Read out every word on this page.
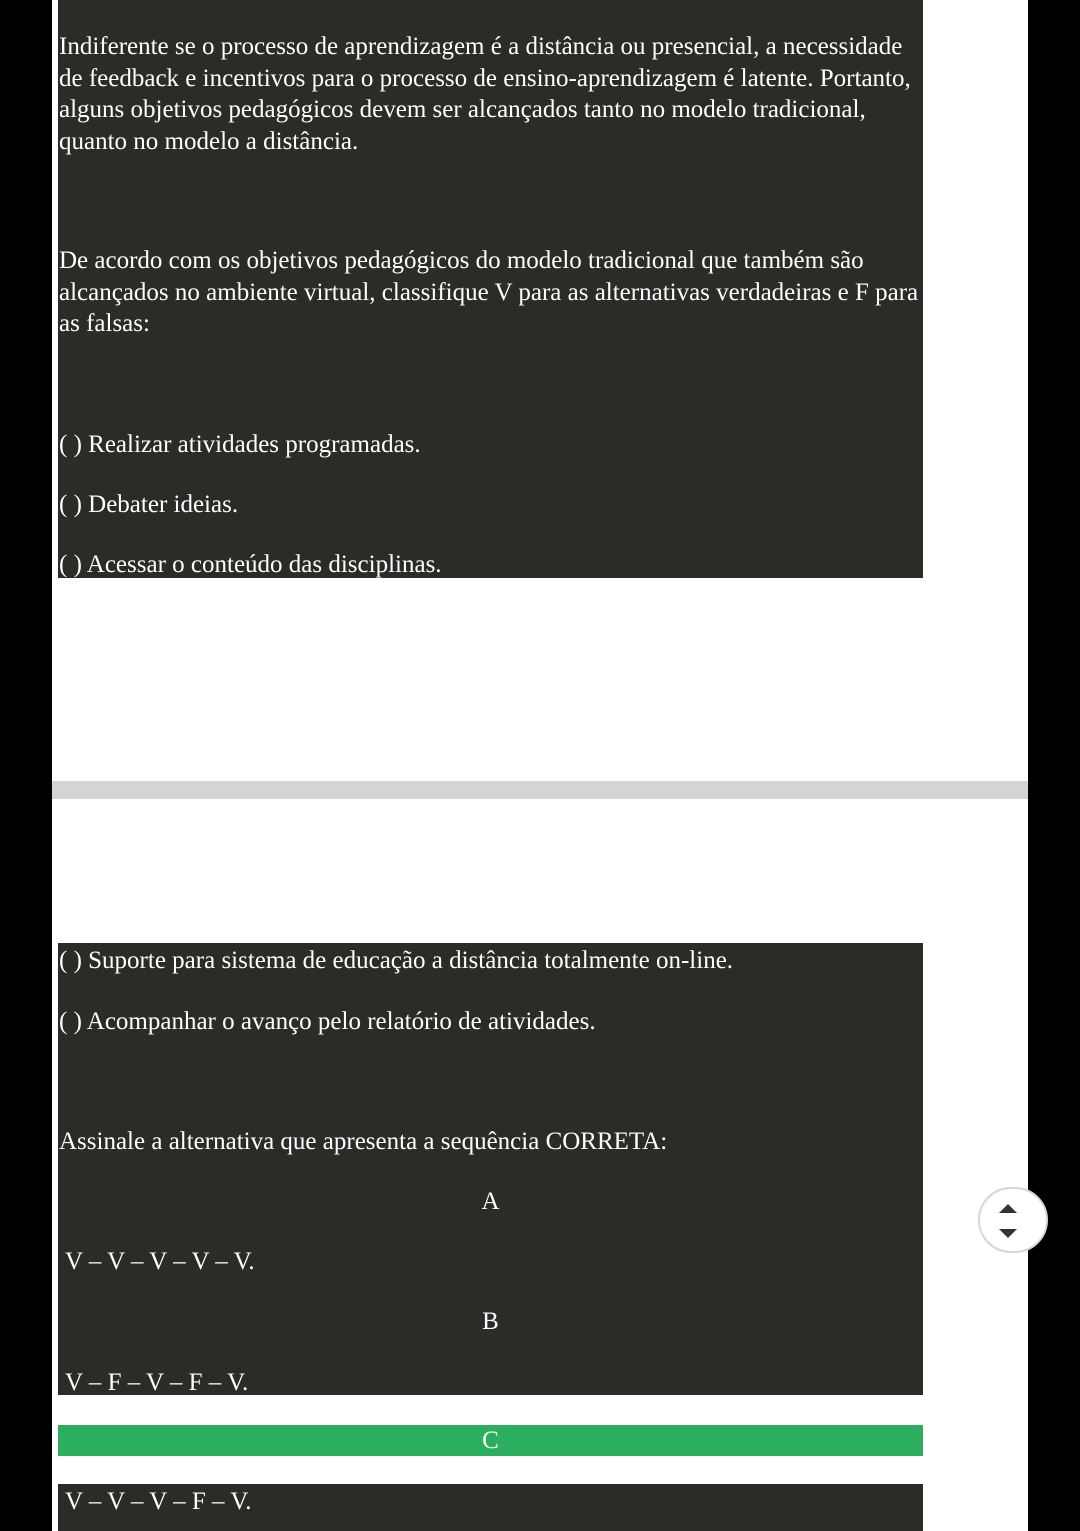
Indiferente se o processo de aprendizagem é a distância ou presencial, a necessidade de feedback e incentivos para o processo de ensino-aprendizagem é latente. Portanto, alguns objetivos pedagógicos devem ser alcançados tanto no modelo tradicional, quanto no modelo a distância.

De acordo com os objetivos pedagógicos do modelo tradicional que também são alcançados no ambiente virtual, classifique V para as alternativas verdadeiras e F para as falsas:

( ) Realizar atividades programadas.
( ) Debater ideias.
( ) Acessar o conteúdo das disciplinas.
( ) Suporte para sistema de educação a distância totalmente on-line.
( ) Acompanhar o avanço pelo relatório de atividades.
Assinale a alternativa que apresenta a sequência CORRETA:
A
V – V – V – V – V.
B
V – F – V – F – V.
C
V – V – V – F – V.
